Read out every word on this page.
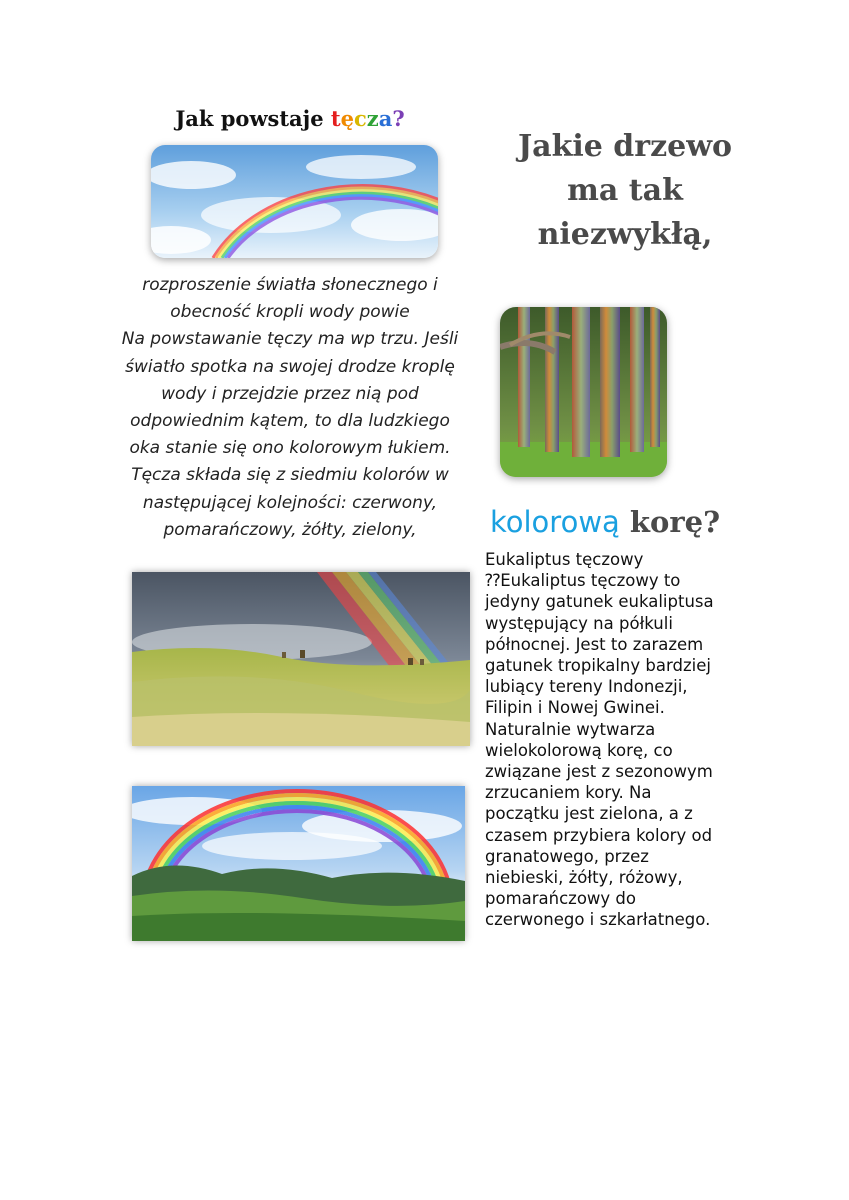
Jak powstaje tęcza?
rozproszenie światła słonecznego i
obecność kropli wody powie
Na powstawanie tęczy ma wp trzu. Jeśli
światło spotka na swojej drodze kroplę
wody i przejdzie przez nią pod
odpowiednim kątem, to dla ludzkiego
oka stanie się ono kolorowym łukiem.
Tęcza składa się z siedmiu kolorów w
następującej kolejności: czerwony,
pomarańczowy, żółty, zielony,
Jakie drzewo
ma tak
niezwykłą,
kolorową korę?
Eukaliptus tęczowy
⁇Eukaliptus tęczowy to
jedyny gatunek eukaliptusa
występujący na półkuli
północnej. Jest to zarazem
gatunek tropikalny bardziej
lubiący tereny Indonezji,
Filipin i Nowej Gwinei.
Naturalnie wytwarza
wielokolorową korę, co
związane jest z sezonowym
zrzucaniem kory. Na
początku jest zielona, a z
czasem przybiera kolory od
granatowego, przez
niebieski, żółty, różowy,
pomarańczowy do
czerwonego i szkarłatnego.
